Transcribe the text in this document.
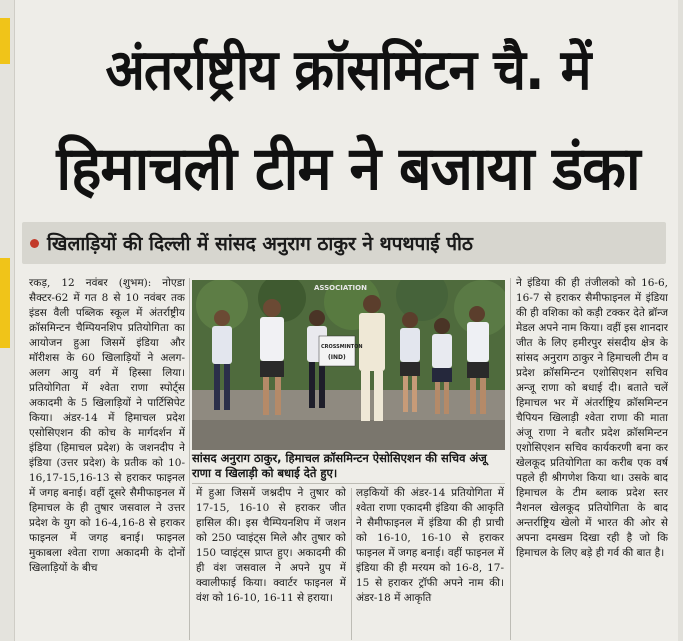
अंतर्राष्ट्रीय क्रॉसमिंटन चै. में
हिमाचली टीम ने बजाया डंका
खिलाड़ियों की दिल्ली में सांसद अनुराग ठाकुर ने थपथपाई पीठ
रकड़, 12 नवंबर (शुभम): नोएडा सैक्टर-62 में गत 8 से 10 नवंबर तक इंडस वैली पब्लिक स्कूल में अंतर्राष्ट्रीय क्रॉसमिन्टन चैम्पियनशिप प्रतियोगिता का आयोजन हुआ जिसमें इंडिया और मॉरीशस के 60 खिलाड़ियों ने अलग-अलग आयु वर्ग में हिस्सा लिया। प्रतियोगिता में श्वेता राणा स्पोर्ट्स अकादमी के 5 खिलाड़ियों ने पार्टिसिपेट किया। अंडर-14 में हिमाचल प्रदेश एसोसिएशन की कोच के मार्गदर्शन में इंडिया (हिमाचल प्रदेश) के जशनदीप ने इंडिया (उत्तर प्रदेश) के प्रतीक को 10-16,17-15,16-13 से हराकर फाइनल में जगह बनाई। वहीं दूसरे सैमीफाइनल में हिमाचल के ही तुषार जसवाल ने उत्तर प्रदेश के युग को 16-4,16-8 से हराकर फाइनल में जगह बनाई। फाइनल मुकाबला श्वेता राणा अकादमी के दोनों खिलाड़ियों के बीच
ASSOCIATION
CROSSMINTON
(IND)
सांसद अनुराग ठाकुर, हिमाचल क्रॉसमिन्टन ऐसोसिएशन की सचिव अंजू राणा व खिलाड़ी को बधाई देते हुए।
में हुआ जिसमें जश्नदीप ने तुषार को 17-15, 16-10 से हराकर जीत हासिल की। इस चैम्पियनशिप में जशन को 250 प्वाइंट्स मिले और तुषार को 150 प्वाइंट्स प्राप्त हुए। अकादमी की ही वंश जसवाल ने अपने ग्रुप में क्वालीफाई किया। क्वार्टर फाइनल में वंश को 16-10, 16-11 से हराया।
लड़कियों की अंडर-14 प्रतियोगिता में श्वेता राणा एकादमी इंडिया की आकृति ने सैमीफाइनल में इंडिया की ही प्राची को 16-10, 16-10 से हराकर फाइनल में जगह बनाई। वहीं फाइनल में इंडिया की ही मरयम को 16-8, 17-15 से हराकर ट्रॉफी अपने नाम की। अंडर-18 में आकृति
ने इंडिया की ही तंजीलको को 16-6, 16-7 से हराकर सैमीफाइनल में इंडिया की ही वशिका को कड़ी टक्कर देते ब्रॉन्ज मेडल अपने नाम किया। वहीं इस शानदार जीत के लिए हमीरपुर संसदीय क्षेत्र के सांसद अनुराग ठाकुर ने हिमाचली टीम व प्रदेश क्रॉसमिन्टन एशोसिएशन सचिव अन्जू राणा को बधाई दी। बताते चलें हिमाचल भर में अंतर्राष्ट्रिय क्रॉसमिन्टन चैपियन खिलाड़ी श्वेता राणा की माता अंजू राणा ने बतौर प्रदेश क्रॉसमिन्टन एशोसिएशन सचिव कार्यकरणी बना कर खेलकूद प्रतियोगिता का करीब एक वर्ष पहले ही श्रीगणेश किया था। उसके बाद हिमाचल के टीम ब्लाक प्रदेश स्तर नैशनल खेलकूद प्रतियोगिता के बाद अन्तर्राष्ट्रिय खेलो में भारत की ओर से अपना दमखम दिखा रही है जो कि हिमाचल के लिए बड़े ही गर्व की बात है।
